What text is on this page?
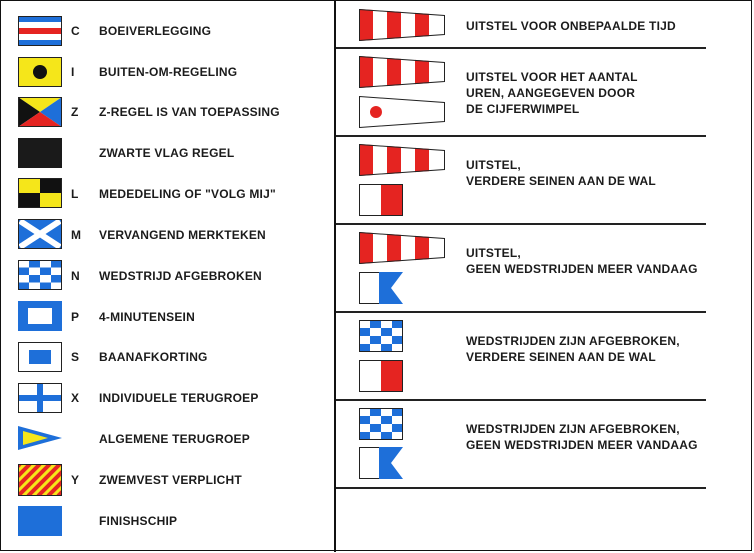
C BOEIVERLEGGING
I BUITEN-OM-REGELING
Z Z-REGEL IS VAN TOEPASSING
ZWARTE VLAG REGEL
L MEDEDELING OF "VOLG MIJ"
M VERVANGEND MERKTEKEN
N WEDSTRIJD AFGEBROKEN
P 4-MINUTENSEIN
S BAANAFKORTING
X INDIVIDUELE TERUGROEP
ALGEMENE TERUGROEP
Y ZWEMVEST VERPLICHT
FINISHSCHIP
UITSTEL VOOR ONBEPAALDE TIJD
UITSTEL VOOR HET AANTAL
UREN, AANGEGEVEN DOOR
DE CIJFERWIMPEL
UITSTEL,
VERDERE SEINEN AAN DE WAL
UITSTEL,
GEEN WEDSTRIJDEN MEER VANDAAG
WEDSTRIJDEN ZIJN AFGEBROKEN,
VERDERE SEINEN AAN DE WAL
WEDSTRIJDEN ZIJN AFGEBROKEN,
GEEN WEDSTRIJDEN MEER VANDAAG
